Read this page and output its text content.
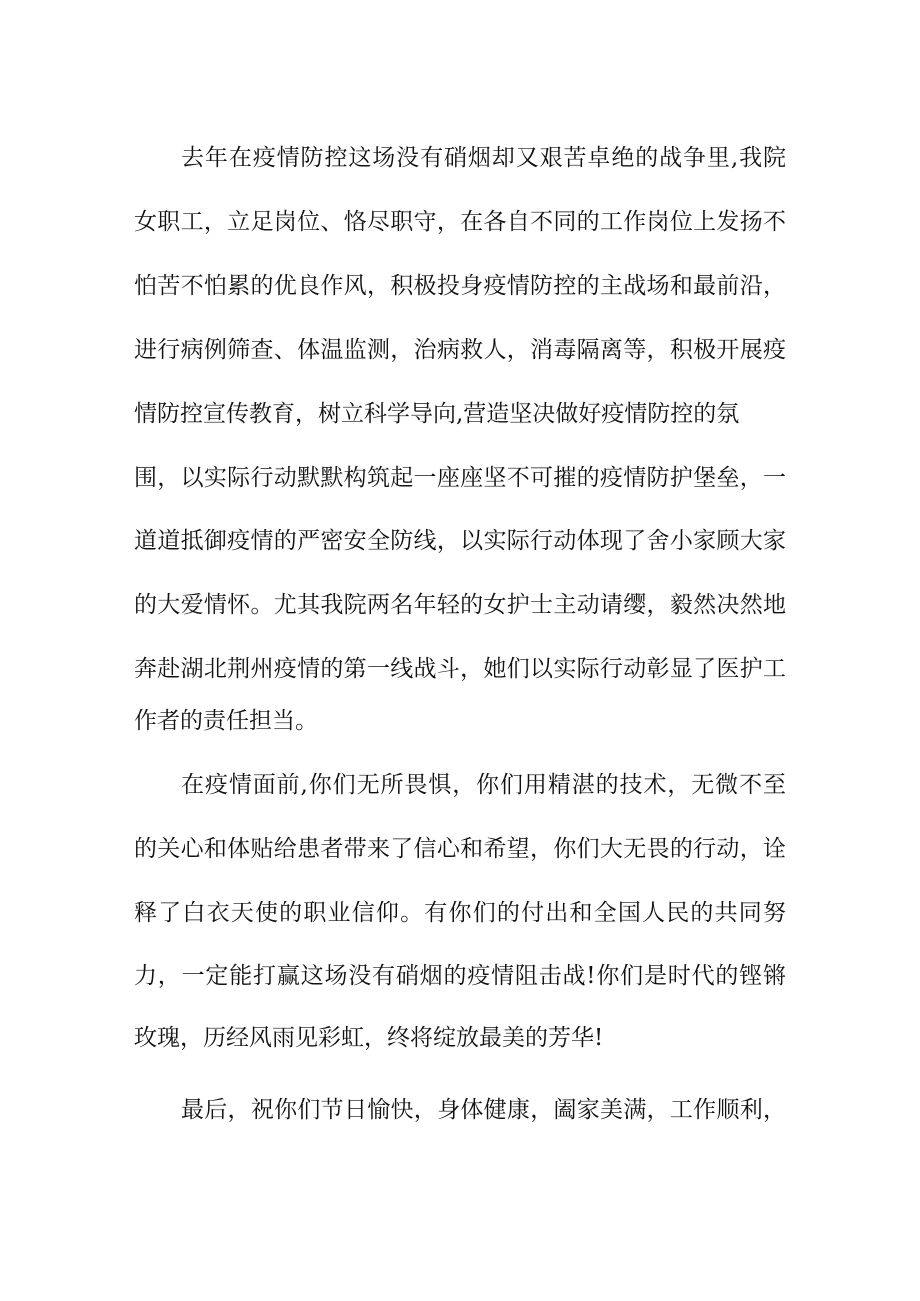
去年在疫情防控这场没有硝烟却又艰苦卓绝的战争里,我院
女职工，立足岗位、恪尽职守，在各自不同的工作岗位上发扬不
怕苦不怕累的优良作风，积极投身疫情防控的主战场和最前沿，
进行病例筛查、体温监测，治病救人，消毒隔离等，积极开展疫
情防控宣传教育，树立科学导向,营造坚决做好疫情防控的氛
围，以实际行动默默构筑起一座座坚不可摧的疫情防护堡垒，一
道道抵御疫情的严密安全防线，以实际行动体现了舍小家顾大家
的大爱情怀。尤其我院两名年轻的女护士主动请缨，毅然决然地
奔赴湖北荆州疫情的第一线战斗，她们以实际行动彰显了医护工
作者的责任担当。
在疫情面前,你们无所畏惧，你们用精湛的技术，无微不至
的关心和体贴给患者带来了信心和希望，你们大无畏的行动，诠
释了白衣天使的职业信仰。有你们的付出和全国人民的共同努
力，一定能打赢这场没有硝烟的疫情阻击战!你们是时代的铿锵
玫瑰，历经风雨见彩虹，终将绽放最美的芳华!
最后，祝你们节日愉快，身体健康，阖家美满，工作顺利，
